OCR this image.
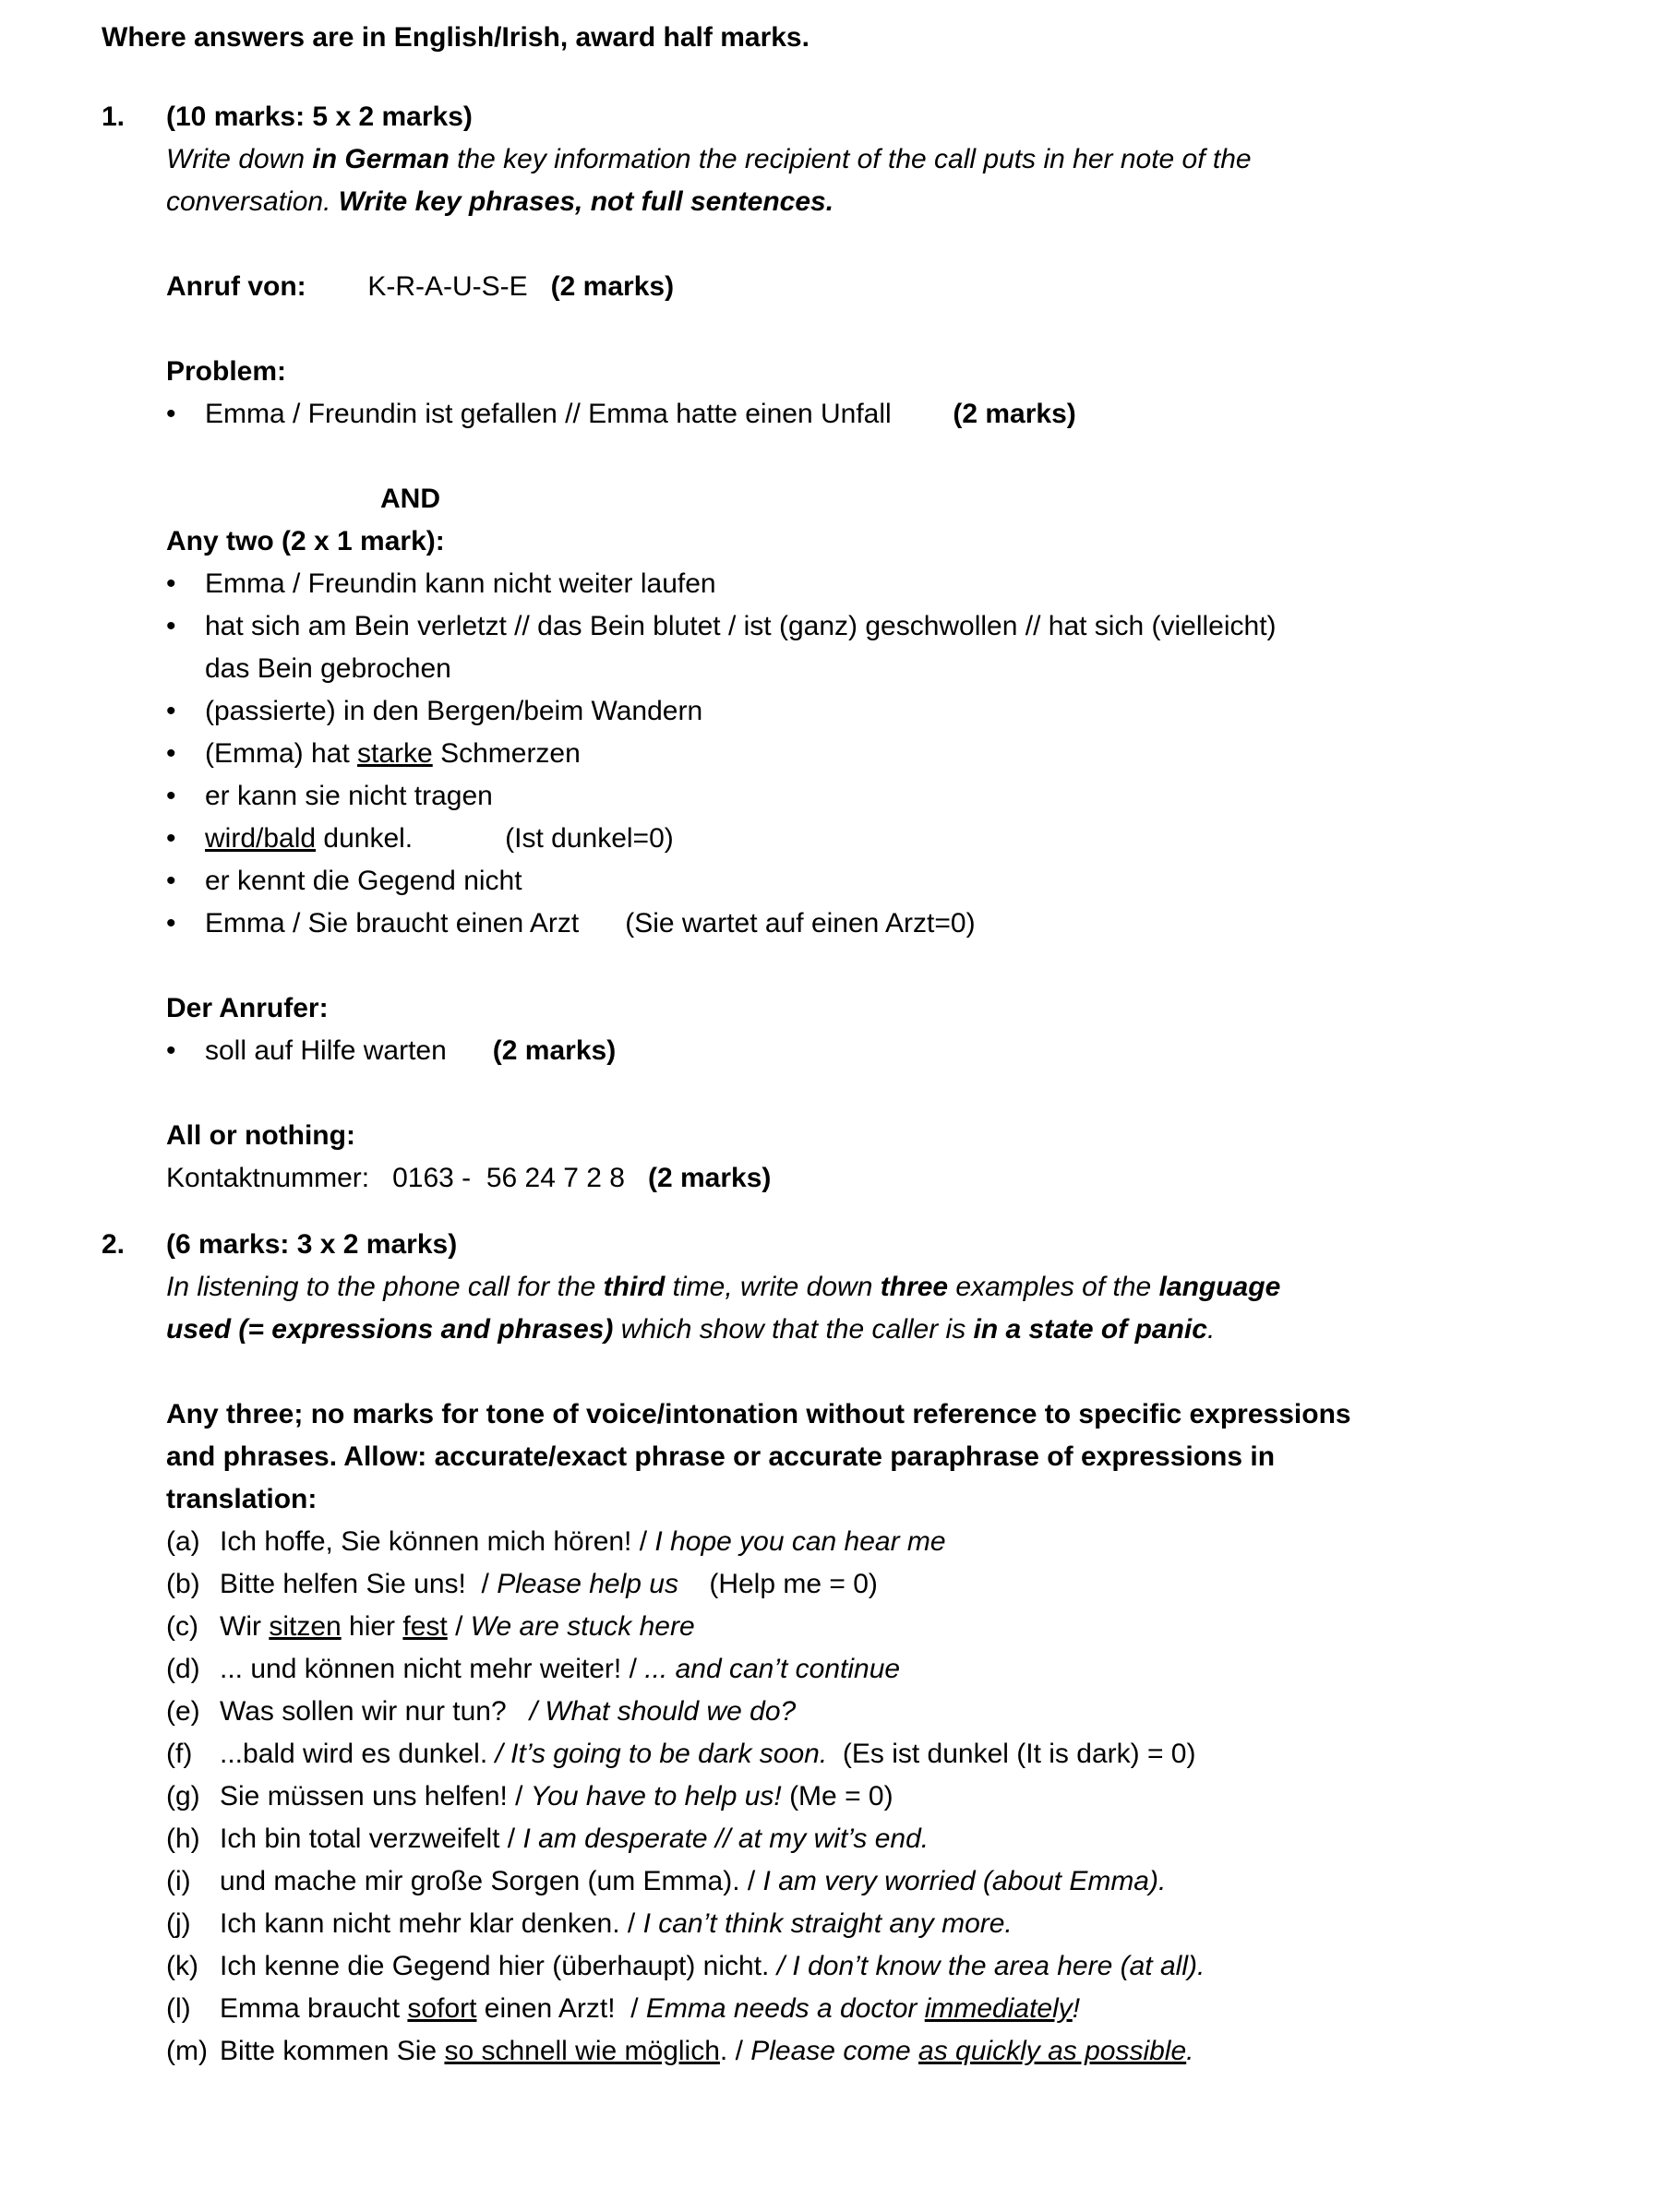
Where answers are in English/Irish, award half marks.

1.	(10 marks: 5 x 2 marks)

Write down in German the key information the recipient of the call puts in her note of the
conversation. Write key phrases, not full sentences.

Anruf von:        K-R-A-U-S-E   (2 marks)

Problem:

•	Emma / Freundin ist gefallen // Emma hatte einen Unfall        (2 marks)

AND

Any two (2 x 1 mark):

•	Emma / Freundin kann nicht weiter laufen
•	hat sich am Bein verletzt // das Bein blutet / ist (ganz) geschwollen // hat sich (vielleicht)
das Bein gebrochen
•	(passierte) in den Bergen/beim Wandern
•	(Emma) hat starke Schmerzen
•	er kann sie nicht tragen
•	wird/bald dunkel.            (Ist dunkel=0)
•	er kennt die Gegend nicht
•	Emma / Sie braucht einen Arzt      (Sie wartet auf einen Arzt=0)

Der Anrufer:

•	soll auf Hilfe warten      (2 marks)

All or nothing:

Kontaktnummer:   0163 -  56 24 7 2 8   (2 marks)

2.	(6 marks: 3 x 2 marks)

In listening to the phone call for the third time, write down three examples of the language
used (= expressions and phrases) which show that the caller is in a state of panic.

Any three; no marks for tone of voice/intonation without reference to specific expressions
and phrases. Allow: accurate/exact phrase or accurate paraphrase of expressions in
translation:

(a) Ich hoffe, Sie können mich hören! / I hope you can hear me
(b) Bitte helfen Sie uns!  / Please help us    (Help me = 0)
(c) Wir sitzen hier fest / We are stuck here
(d) ... und können nicht mehr weiter! / ... and can’t continue
(e) Was sollen wir nur tun?   / What should we do?
(f) ...bald wird es dunkel. / It’s going to be dark soon.  (Es ist dunkel (It is dark) = 0)
(g) Sie müssen uns helfen! / You have to help us! (Me = 0)
(h) Ich bin total verzweifelt / I am desperate // at my wit’s end.
(i)	und mache mir große Sorgen (um Emma). / I am very worried (about Emma).
(j)	Ich kann nicht mehr klar denken. / I can’t think straight any more.
(k) Ich kenne die Gegend hier (überhaupt) nicht. / I don’t know the area here (at all).
(l)	Emma braucht sofort einen Arzt!  / Emma needs a doctor immediately!
(m) Bitte kommen Sie so schnell wie möglich. / Please come as quickly as possible.
